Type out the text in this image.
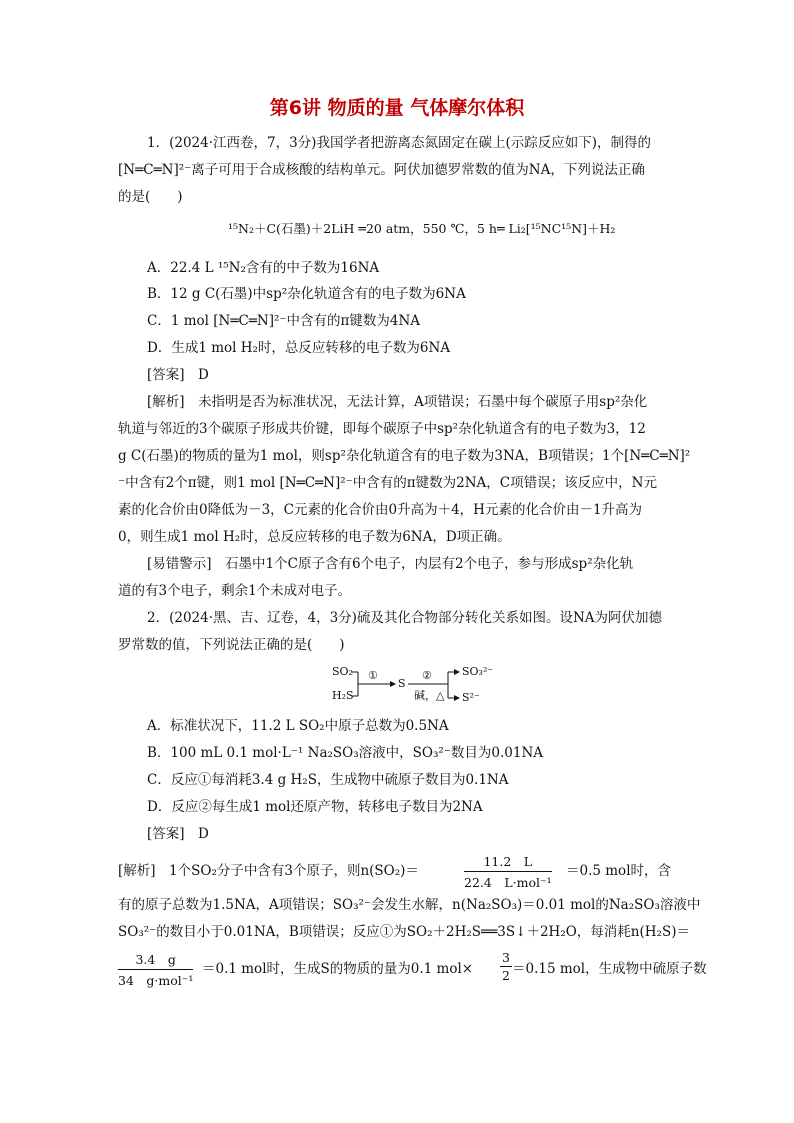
第6讲 物质的量 气体摩尔体积
1．(2024·江西卷，7，3分)我国学者把游离态氮固定在碳上(示踪反应如下)，制得的
[N═C═N]²⁻离子可用于合成核酸的结构单元。阿伏加德罗常数的值为NA，下列说法正确
的是(　　)
¹⁵N₂＋C(石墨)＋2LiH ═20 atm，550 ℃，5 h═ Li₂[¹⁵NC¹⁵N]＋H₂
A．22.4 L ¹⁵N₂含有的中子数为16NA
B．12 g C(石墨)中sp²杂化轨道含有的电子数为6NA
C．1 mol [N═C═N]²⁻中含有的π键数为4NA
D．生成1 mol H₂时，总反应转移的电子数为6NA
[答案]　D
[解析]　未指明是否为标准状况，无法计算，A项错误；石墨中每个碳原子用sp²杂化
轨道与邻近的3个碳原子形成共价键，即每个碳原子中sp²杂化轨道含有的电子数为3，12
g C(石墨)的物质的量为1 mol，则sp²杂化轨道含有的电子数为3NA，B项错误；1个[N═C═N]²
⁻中含有2个π键，则1 mol [N═C═N]²⁻中含有的π键数为2NA，C项错误；该反应中，N元
素的化合价由0降低为－3，C元素的化合价由0升高为＋4，H元素的化合价由－1升高为
0，则生成1 mol H₂时，总反应转移的电子数为6NA，D项正确。
[易错警示]　石墨中1个C原子含有6个电子，内层有2个电子，参与形成sp²杂化轨
道的有3个电子，剩余1个未成对电子。
2．(2024·黑、吉、辽卷，4，3分)硫及其化合物部分转化关系如图。设NA为阿伏加德
罗常数的值，下列说法正确的是(　　)
SO₂
H₂S
①
S
②
碱，△
SO₃²⁻
S²⁻
A．标准状况下，11.2 L SO₂中原子总数为0.5NA
B．100 mL 0.1 mol·L⁻¹ Na₂SO₃溶液中，SO₃²⁻数目为0.01NA
C．反应①每消耗3.4 g H₂S，生成物中硫原子数目为0.1NA
D．反应②每生成1 mol还原产物，转移电子数目为2NA
[答案]　D
[解析]　1个SO₂分子中含有3个原子，则n(SO₂)＝
11.2　L
22.4　L·mol⁻¹
＝0.5 mol时，含
有的原子总数为1.5NA，A项错误；SO₃²⁻会发生水解，n(Na₂SO₃)＝0.01 mol的Na₂SO₃溶液中
SO₃²⁻的数目小于0.01NA，B项错误；反应①为SO₂＋2H₂S══3S↓＋2H₂O，每消耗n(H₂S)＝
3.4　g
34　g·mol⁻¹
＝0.1 mol时，生成S的物质的量为0.1 $mol\times \frac{3}{2} =0.15$ mol，生成物中硫原子数
